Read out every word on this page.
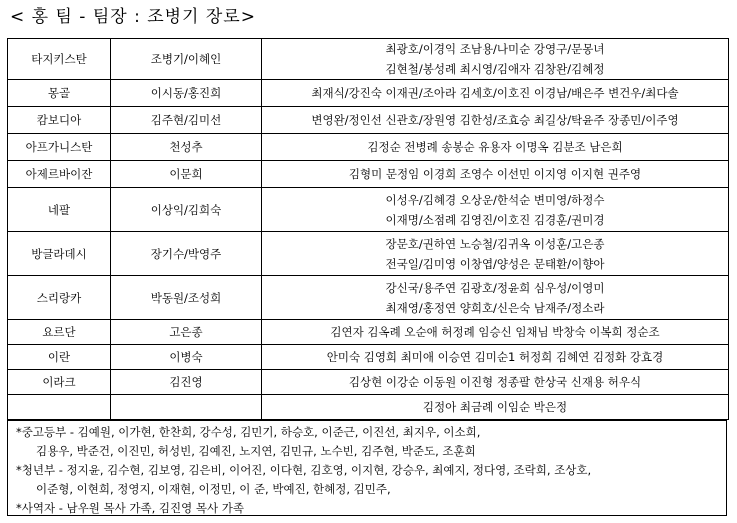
< 홍 팀 - 팀장 : 조병기 장로>
타지키스탄	조병기/이혜인	최광호/이경익 조남용/나미순 강영구/문몽녀
김현철/봉성례 최시영/김애자 김창완/김혜정

몽골	이시동/홍진희	최재식/강진숙 이재권/조아라 김세호/이호진 이경남/배은주 변건우/최다솔

캄보디아	김주현/김미선	변영완/정인선 신관호/장원영 김한성/조효승 최길상/탁윤주 장종민/이주영

아프가니스탄	천성추	김정순 전병례 송봉순 유용자 이명옥 김분조 남은희

아제르바이잔	이문희	김형미 문정임 이경희 조영수 이선민 이지영 이지현 권주영

네팔	이상익/김희숙	이성우/김혜경 오상운/한석순 변미영/하정수
이재명/소점례 김영진/이호진 김경훈/권미경

방글라데시	장기수/박영주	장문호/권하연 노승철/김귀옥 이성훈/고은종
전국일/김미영 이창엽/양성은 문태환/이향아

스리랑카	박동원/조성희	강신국/용주연 김광호/정윤희 심우성/이영미
최재영/홍정연 양희호/신은숙 남재주/정소라

요르단	고은종	김연자 김옥례 오순애 허정례 임승신 임채님 박창숙 이복희 정순조

이란	이병숙	안미숙 김영희 최미애 이승연 김미순1 허정희 김혜연 김정화 강효경

이라크	김진영	김상현 이강순 이동원 이진형 정종팔 한상국 신재용 허우식

		김정아 최금례 이임순 박은정
*중고등부 - 김예원, 이가현, 한찬희, 강수성, 김민기, 하승호, 이준근, 이진선, 최지우, 이소희,
김용우, 박준건, 이진민, 허성빈, 김예진, 노지연, 김민규, 노수빈, 김주현, 박준도, 조훈희
*청년부 - 정지윤, 김수현, 김보영, 김은비, 이어진, 이다현, 김호영, 이지현, 강승우, 최예지, 정다영, 조락희, 조상호,
이준형, 이현희, 정영지, 이재현, 이정민, 이 준, 박예진, 한혜정, 김민주,
*사역자 - 남우원 목사 가족, 김진영 목사 가족
